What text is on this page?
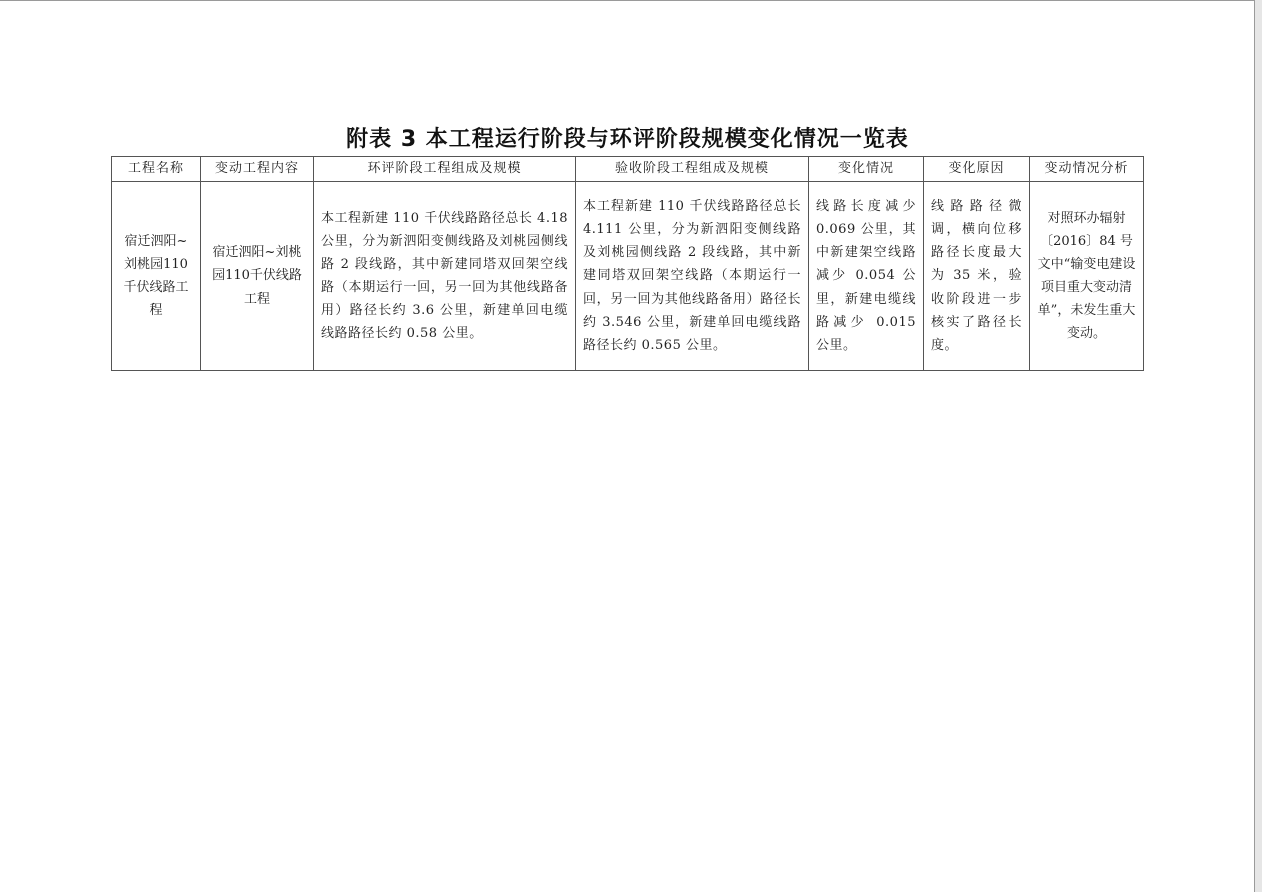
附表 3 本工程运行阶段与环评阶段规模变化情况一览表
工程名称	变动工程内容	环评阶段工程组成及规模	验收阶段工程组成及规模	变化情况	变化原因	变动情况分析
宿迁泗阳~刘桃园110千伏线路工程	宿迁泗阳~刘桃园110千伏线路工程	本工程新建 110 千伏线路路径总长 4.18 公里，分为新泗阳变侧线路及刘桃园侧线路 2 段线路，其中新建同塔双回架空线路（本期运行一回，另一回为其他线路备用）路径长约 3.6 公里，新建单回电缆线路路径长约 0.58 公里。	本工程新建 110 千伏线路路径总长 4.111 公里，分为新泗阳变侧线路及刘桃园侧线路 2 段线路，其中新建同塔双回架空线路（本期运行一回，另一回为其他线路备用）路径长约 3.546 公里，新建单回电缆线路路径长约 0.565 公里。	线路长度减少 0.069 公里，其中新建架空线路减少 0.054 公里，新建电缆线路减少 0.015 公里。	线路路径微调，横向位移路径长度最大为 35 米，验收阶段进一步核实了路径长度。	对照环办辐射〔2016〕84 号文中“输变电建设项目重大变动清单”，未发生重大变动。
